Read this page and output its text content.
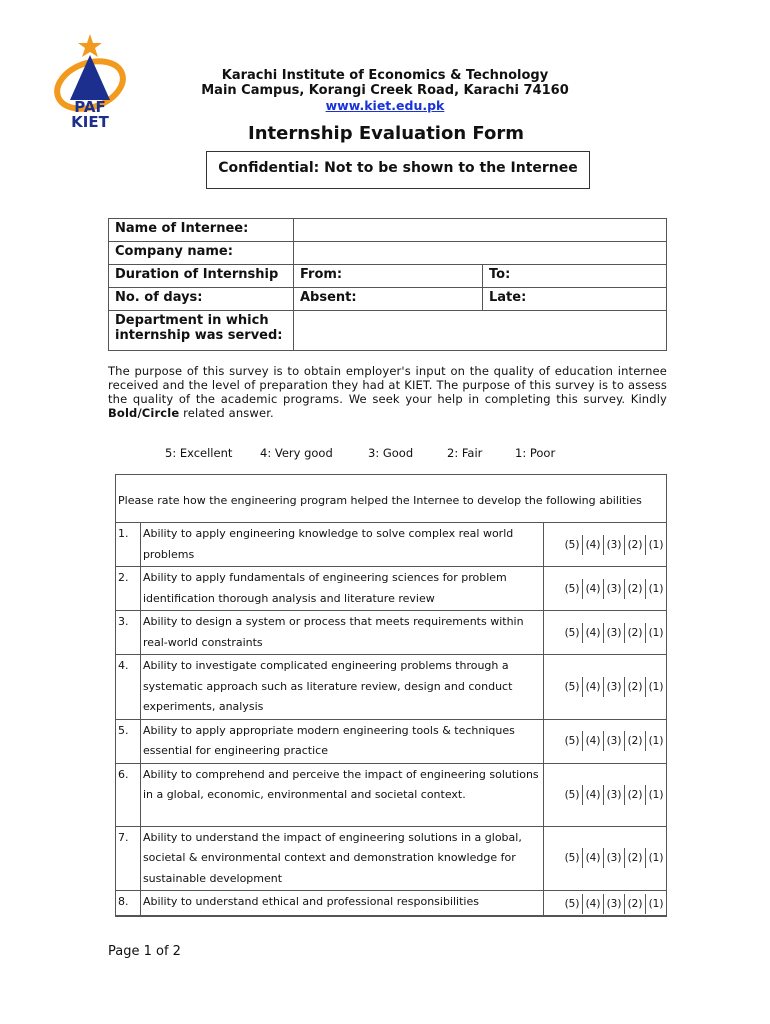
PAF
KIET
Karachi Institute of Economics & Technology
Main Campus, Korangi Creek Road, Karachi 74160
www.kiet.edu.pk
Internship Evaluation Form
Confidential: Not to be shown to the Internee
Name of Internee:		
Company name:		
Duration of Internship	From:	To:
No. of days:	Absent:	Late:
Department in which internship was served:		
The purpose of this survey is to obtain employer's input on the quality of education internee received and the level of preparation they had at KIET. The purpose of this survey is to assess the quality of the academic programs. We seek your help in completing this survey. Kindly Bold/Circle related answer.
5: Excellent 4: Very good	3: Good	2: Fair	1: Poor
Please rate how the engineering program helped the Internee to develop the following abilities
1.	Ability to apply engineering knowledge to solve complex real world problems	(5) (4) (3) (2) (1)

2.	Ability to apply fundamentals of engineering sciences for problem identification thorough analysis and literature review	(5) (4) (3) (2) (1)

3.	Ability to design a system or process that meets requirements within real-world constraints	(5) (4) (3) (2) (1)

4.	Ability to investigate complicated engineering problems through a systematic approach such as literature review, design and conduct experiments, analysis	(5) (4) (3) (2) (1)

5.	Ability to apply appropriate modern engineering tools & techniques essential for engineering practice	(5) (4) (3) (2) (1)

6.	Ability to comprehend and perceive the impact of engineering solutions in a global, economic, environmental and societal context.	(5) (4) (3) (2) (1)

7.	Ability to understand the impact of engineering solutions in a global, societal & environmental context and demonstration knowledge for sustainable development	(5) (4) (3) (2) (1)

8.	Ability to understand ethical and professional responsibilities	(5) (4) (3) (2) (1)
Page 1 of 2
